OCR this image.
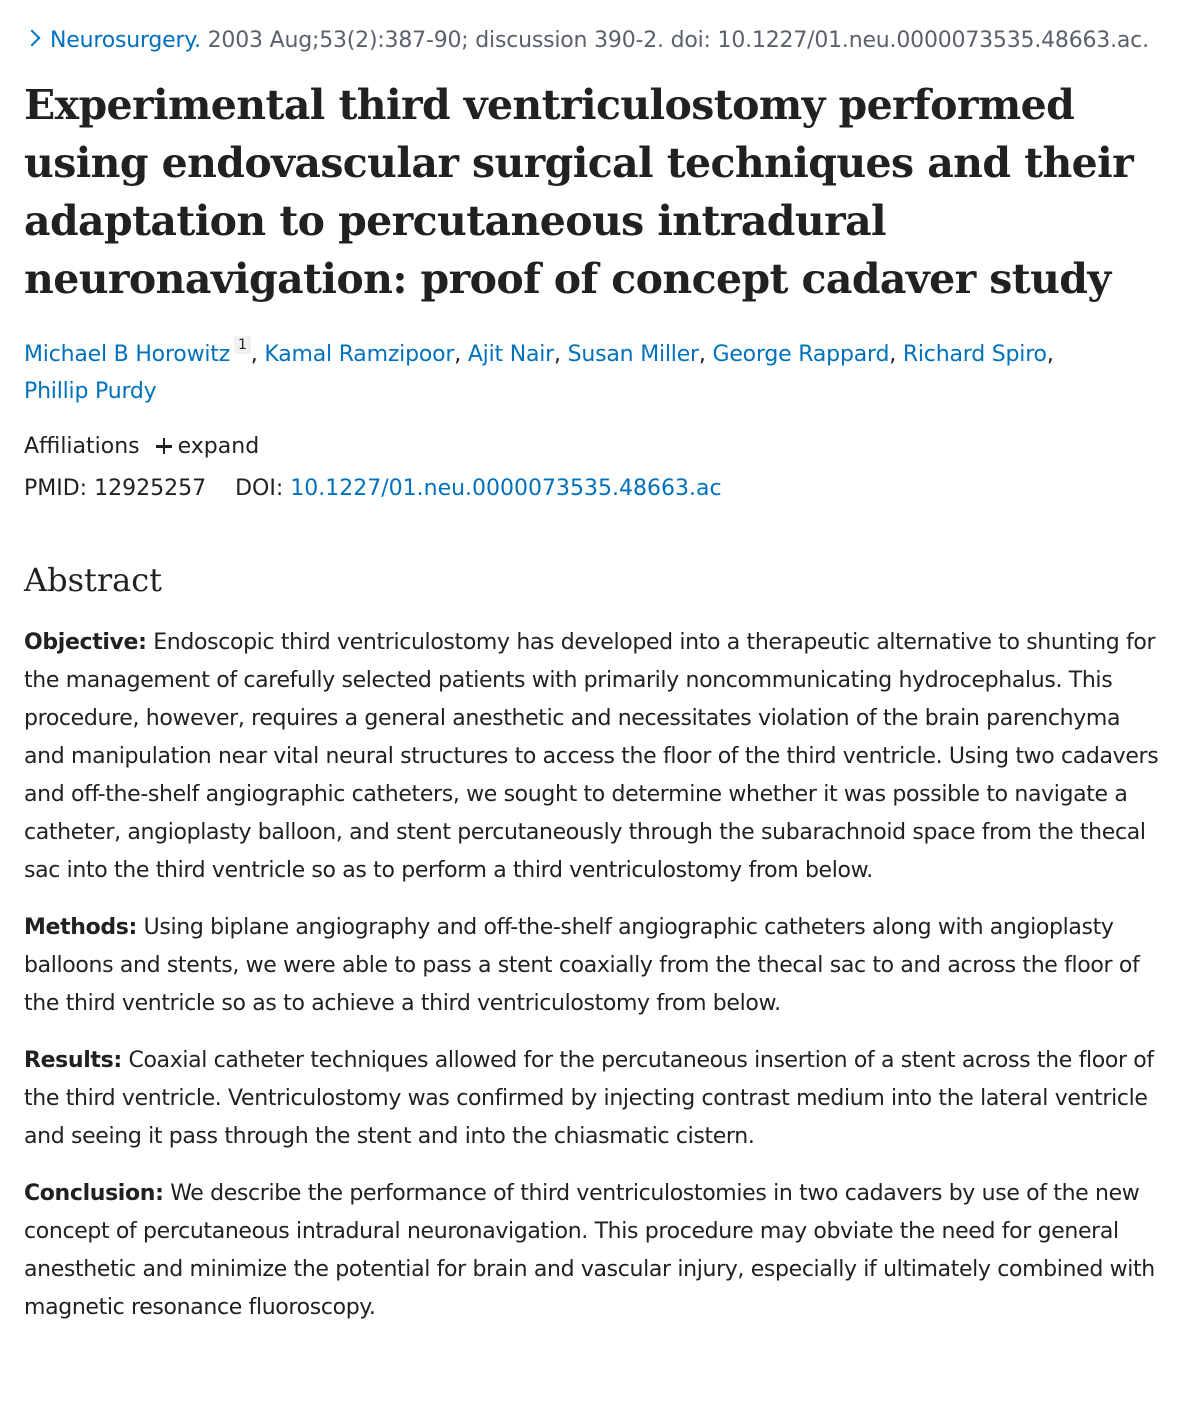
Neurosurgery. 2003 Aug;53(2):387-90; discussion 390-2. doi: 10.1227/01.neu.0000073535.48663.ac.
Experimental third ventriculostomy performed using endovascular surgical techniques and their adaptation to percutaneous intradural neuronavigation: proof of concept cadaver study
Michael B Horowitz $^1$ , Kamal Ramzipoor, Ajit Nair, Susan Miller, George Rappard, Richard Spiro,
Phillip Purdy
Affiliations expand
PMID: 12925257 DOI: 10.1227/01.neu.0000073535.48663.ac
Abstract

Objective: Endoscopic third ventriculostomy has developed into a therapeutic alternative to shunting for the management of carefully selected patients with primarily noncommunicating hydrocephalus. This procedure, however, requires a general anesthetic and necessitates violation of the brain parenchyma and manipulation near vital neural structures to access the floor of the third ventricle. Using two cadavers and off-the-shelf angiographic catheters, we sought to determine whether it was possible to navigate a catheter, angioplasty balloon, and stent percutaneously through the subarachnoid space from the thecal sac into the third ventricle so as to perform a third ventriculostomy from below.

Methods: Using biplane angiography and off-the-shelf angiographic catheters along with angioplasty balloons and stents, we were able to pass a stent coaxially from the thecal sac to and across the floor of the third ventricle so as to achieve a third ventriculostomy from below.

Results: Coaxial catheter techniques allowed for the percutaneous insertion of a stent across the floor of the third ventricle. Ventriculostomy was confirmed by injecting contrast medium into the lateral ventricle and seeing it pass through the stent and into the chiasmatic cistern.

Conclusion: We describe the performance of third ventriculostomies in two cadavers by use of the new concept of percutaneous intradural neuronavigation. This procedure may obviate the need for general anesthetic and minimize the potential for brain and vascular injury, especially if ultimately combined with magnetic resonance fluoroscopy.
